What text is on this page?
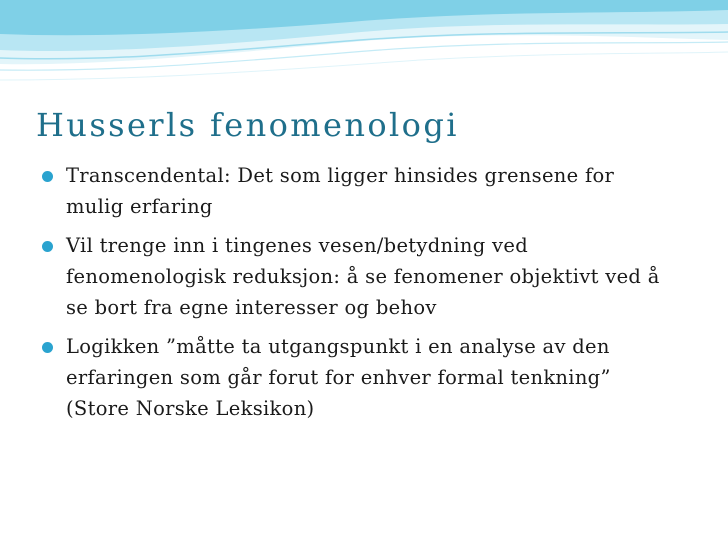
Husserls fenomenologi
Transcendental: Det som ligger hinsides grensene for mulig erfaring
Vil trenge inn i tingenes vesen/betydning ved fenomenologisk reduksjon: å se fenomener objektivt ved å se bort fra egne interesser og behov
Logikken ”måtte ta utgangspunkt i en analyse av den erfaringen som går forut for enhver formal tenkning” (Store Norske Leksikon)
